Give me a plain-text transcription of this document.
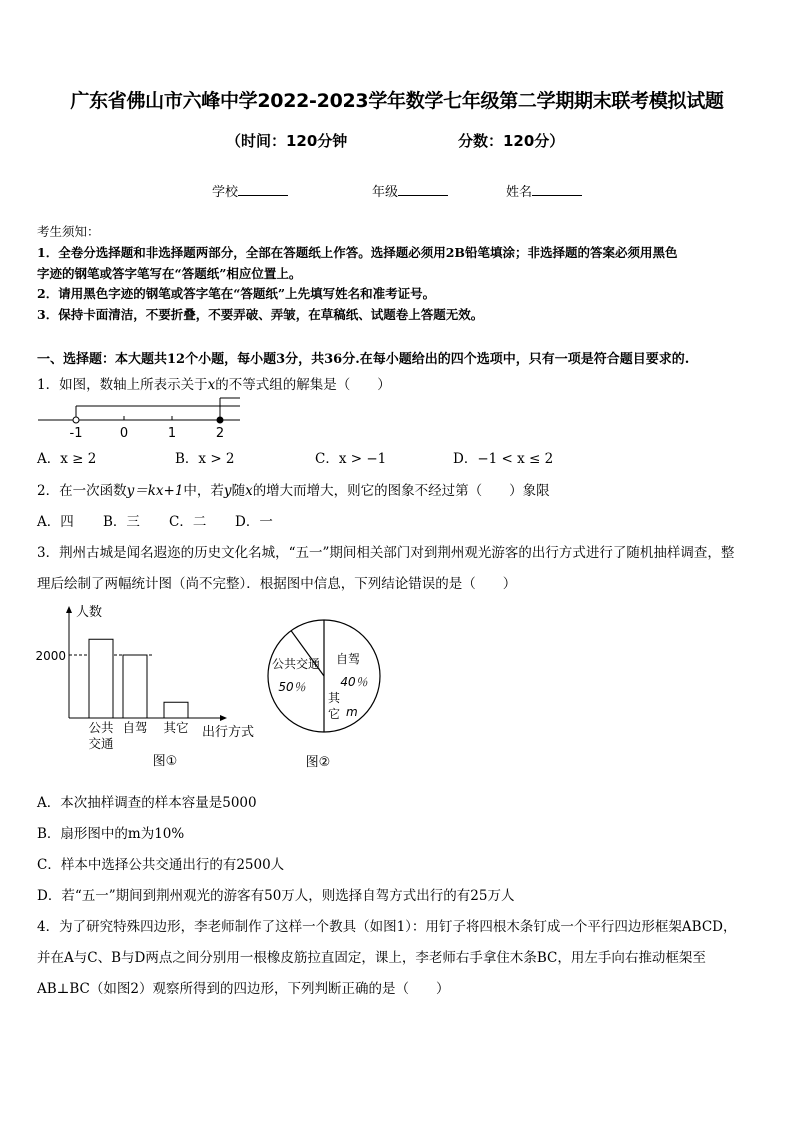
广东省佛山市六峰中学2022-2023学年数学七年级第二学期期末联考模拟试题
（时间：120分钟	分数：120分）
学校	年级	姓名
考生须知：
1．全卷分选择题和非选择题两部分，全部在答题纸上作答。选择题必须用2B铅笔填涂；非选择题的答案必须用黑色
字迹的钢笔或答字笔写在“答题纸”相应位置上。
2．请用黑色字迹的钢笔或答字笔在“答题纸”上先填写姓名和准考证号。
3．保持卡面清洁，不要折叠，不要弄破、弄皱，在草稿纸、试题卷上答题无效。
一、选择题：本大题共12个小题，每小题3分，共36分.在每小题给出的四个选项中，只有一项是符合题目要求的.
1．如图，数轴上所表示关于x的不等式组的解集是（　　）
-1	0	1	2
A．x ≥ 2	B．x > 2	C．x > −1	D．−1 < x ≤ 2
2．在一次函数y＝kx+1中，若y随x的增大而增大，则它的图象不经过第（　　）象限
A．四 B．三 C．二 D．一
3．荆州古城是闻名遐迩的历史文化名城，“五一”期间相关部门对到荆州观光游客的出行方式进行了随机抽样调查，整
理后绘制了两幅统计图（尚不完整）．根据图中信息，下列结论错误的是（　　）
人数
出行方式
2000
公共
交通
自驾 其它
图①
公共交通
50％
自驾
40％
其
它 m
图②
A．本次抽样调查的样本容量是5000
B．扇形图中的m为10%
C．样本中选择公共交通出行的有2500人
D．若“五一”期间到荆州观光的游客有50万人，则选择自驾方式出行的有25万人
4．为了研究特殊四边形，李老师制作了这样一个教具（如图1）：用钉子将四根木条钉成一个平行四边形框架ABCD，
并在A与C、B与D两点之间分别用一根橡皮筋拉直固定，课上，李老师右手拿住木条BC，用左手向右推动框架至
AB⊥BC（如图2）观察所得到的四边形，下列判断正确的是（　　）
